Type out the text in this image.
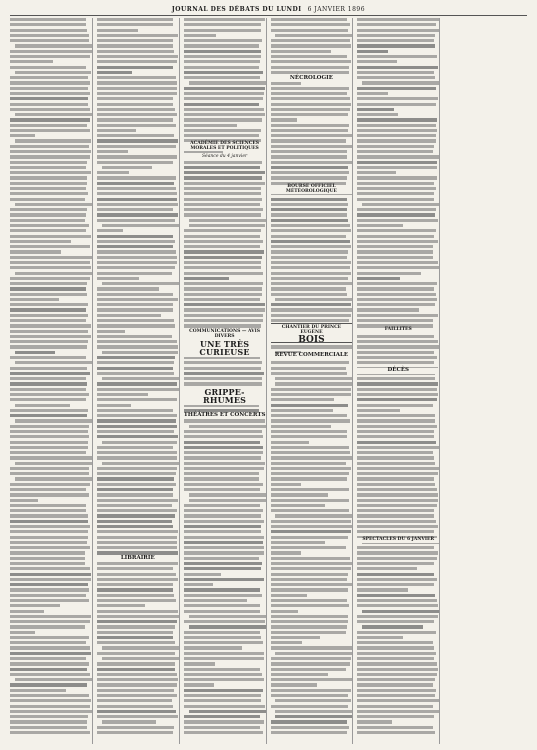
JOURNAL DES DÉBATS DU LUNDI 6 JANVIER 1896
LIBRAIRIE
ACADÉMIE DES SCIENCES MORALES ET POLITIQUES
Séance du 4 janvier
COMMUNICATIONS — AVIS DIVERS
UNE TRÈS CURIEUSE
GRIPPE-RHUMES
THÉÂTRES ET CONCERTS
NÉCROLOGIE
BOURSE OFFICIEL MÉTÉOROLOGIQUE
CHANTIER DU PRINCE EUGÈNE
BOIS
REVUE COMMERCIALE
FAILLITES
DÉCÈS
SPECTACLES DU 6 JANVIER
